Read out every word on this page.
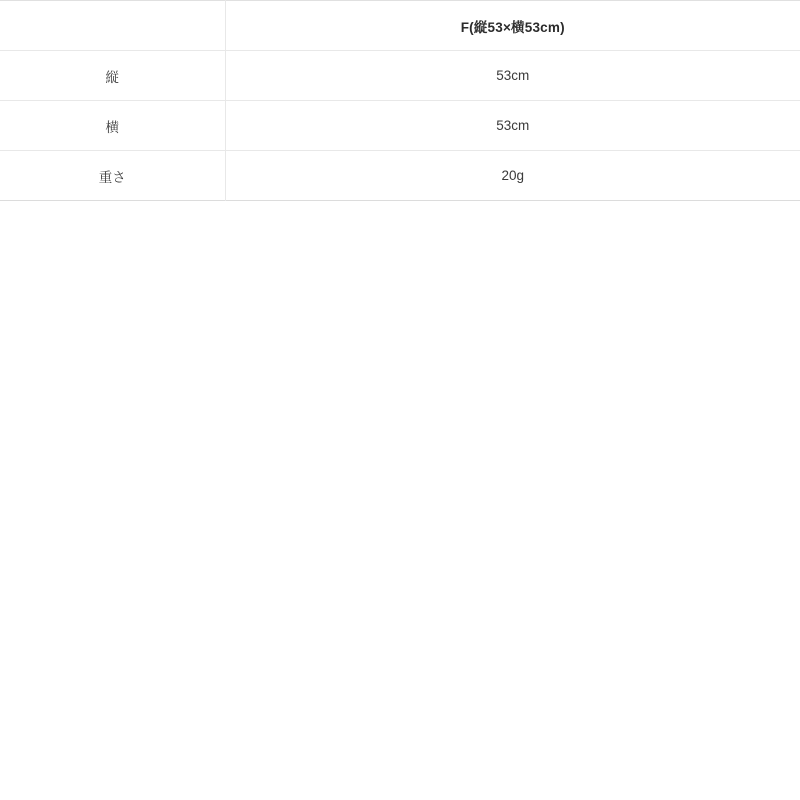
	F(縦53×横53cm)
縦	53cm
横	53cm
重さ	20g
